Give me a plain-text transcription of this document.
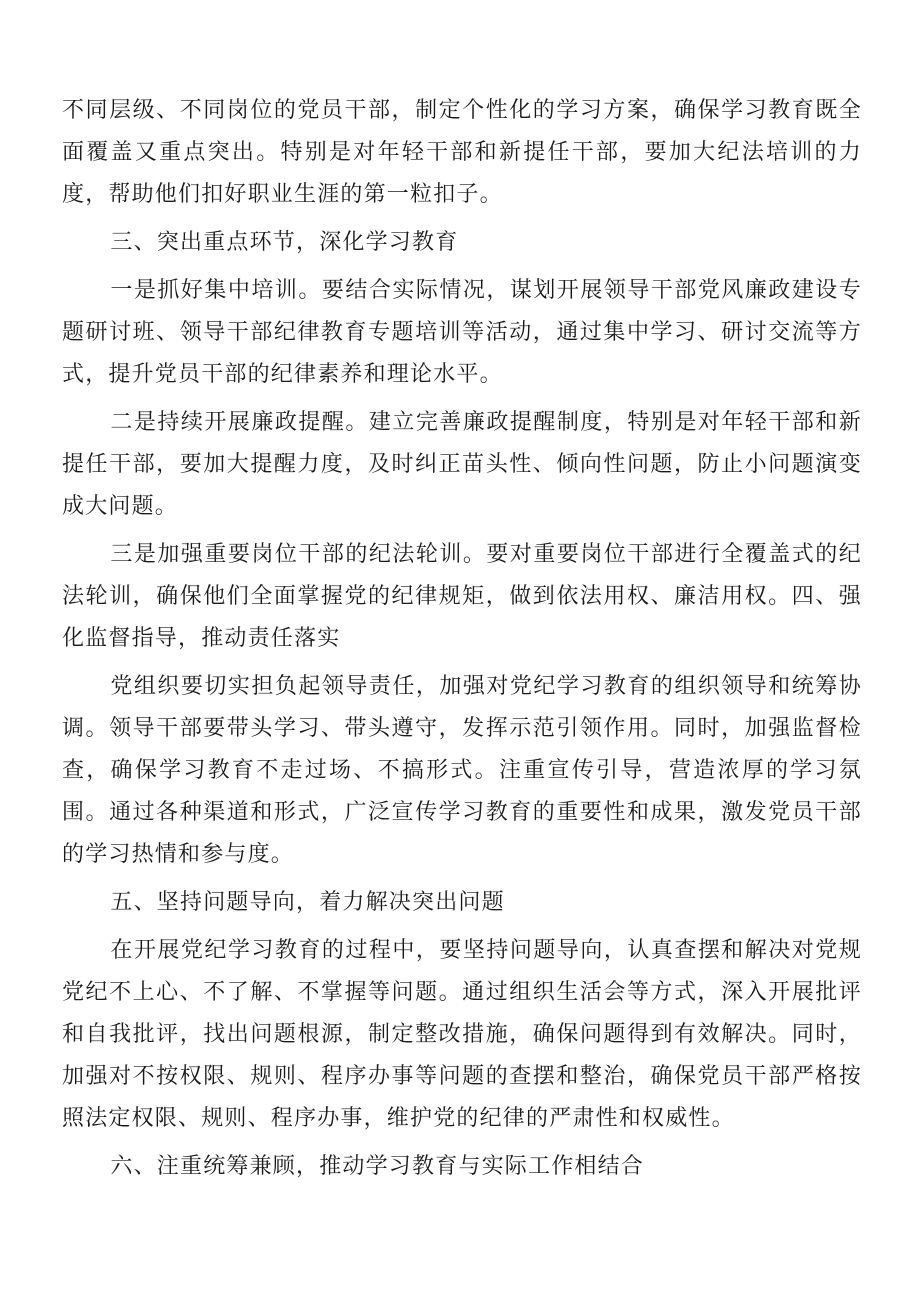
不同层级、不同岗位的党员干部，制定个性化的学习方案，确保学习教育既全面覆盖又重点突出。特别是对年轻干部和新提任干部，要加大纪法培训的力度，帮助他们扣好职业生涯的第一粒扣子。

三、突出重点环节，深化学习教育

一是抓好集中培训。要结合实际情况，谋划开展领导干部党风廉政建设专题研讨班、领导干部纪律教育专题培训等活动，通过集中学习、研讨交流等方式，提升党员干部的纪律素养和理论水平。

二是持续开展廉政提醒。建立完善廉政提醒制度，特别是对年轻干部和新提任干部，要加大提醒力度，及时纠正苗头性、倾向性问题，防止小问题演变成大问题。

三是加强重要岗位干部的纪法轮训。要对重要岗位干部进行全覆盖式的纪法轮训，确保他们全面掌握党的纪律规矩，做到依法用权、廉洁用权。四、强化监督指导，推动责任落实

党组织要切实担负起领导责任，加强对党纪学习教育的组织领导和统筹协调。领导干部要带头学习、带头遵守，发挥示范引领作用。同时，加强监督检查，确保学习教育不走过场、不搞形式。注重宣传引导，营造浓厚的学习氛围。通过各种渠道和形式，广泛宣传学习教育的重要性和成果，激发党员干部的学习热情和参与度。

五、坚持问题导向，着力解决突出问题

在开展党纪学习教育的过程中，要坚持问题导向，认真查摆和解决对党规党纪不上心、不了解、不掌握等问题。通过组织生活会等方式，深入开展批评和自我批评，找出问题根源，制定整改措施，确保问题得到有效解决。同时，加强对不按权限、规则、程序办事等问题的查摆和整治，确保党员干部严格按照法定权限、规则、程序办事，维护党的纪律的严肃性和权威性。

六、注重统筹兼顾，推动学习教育与实际工作相结合
